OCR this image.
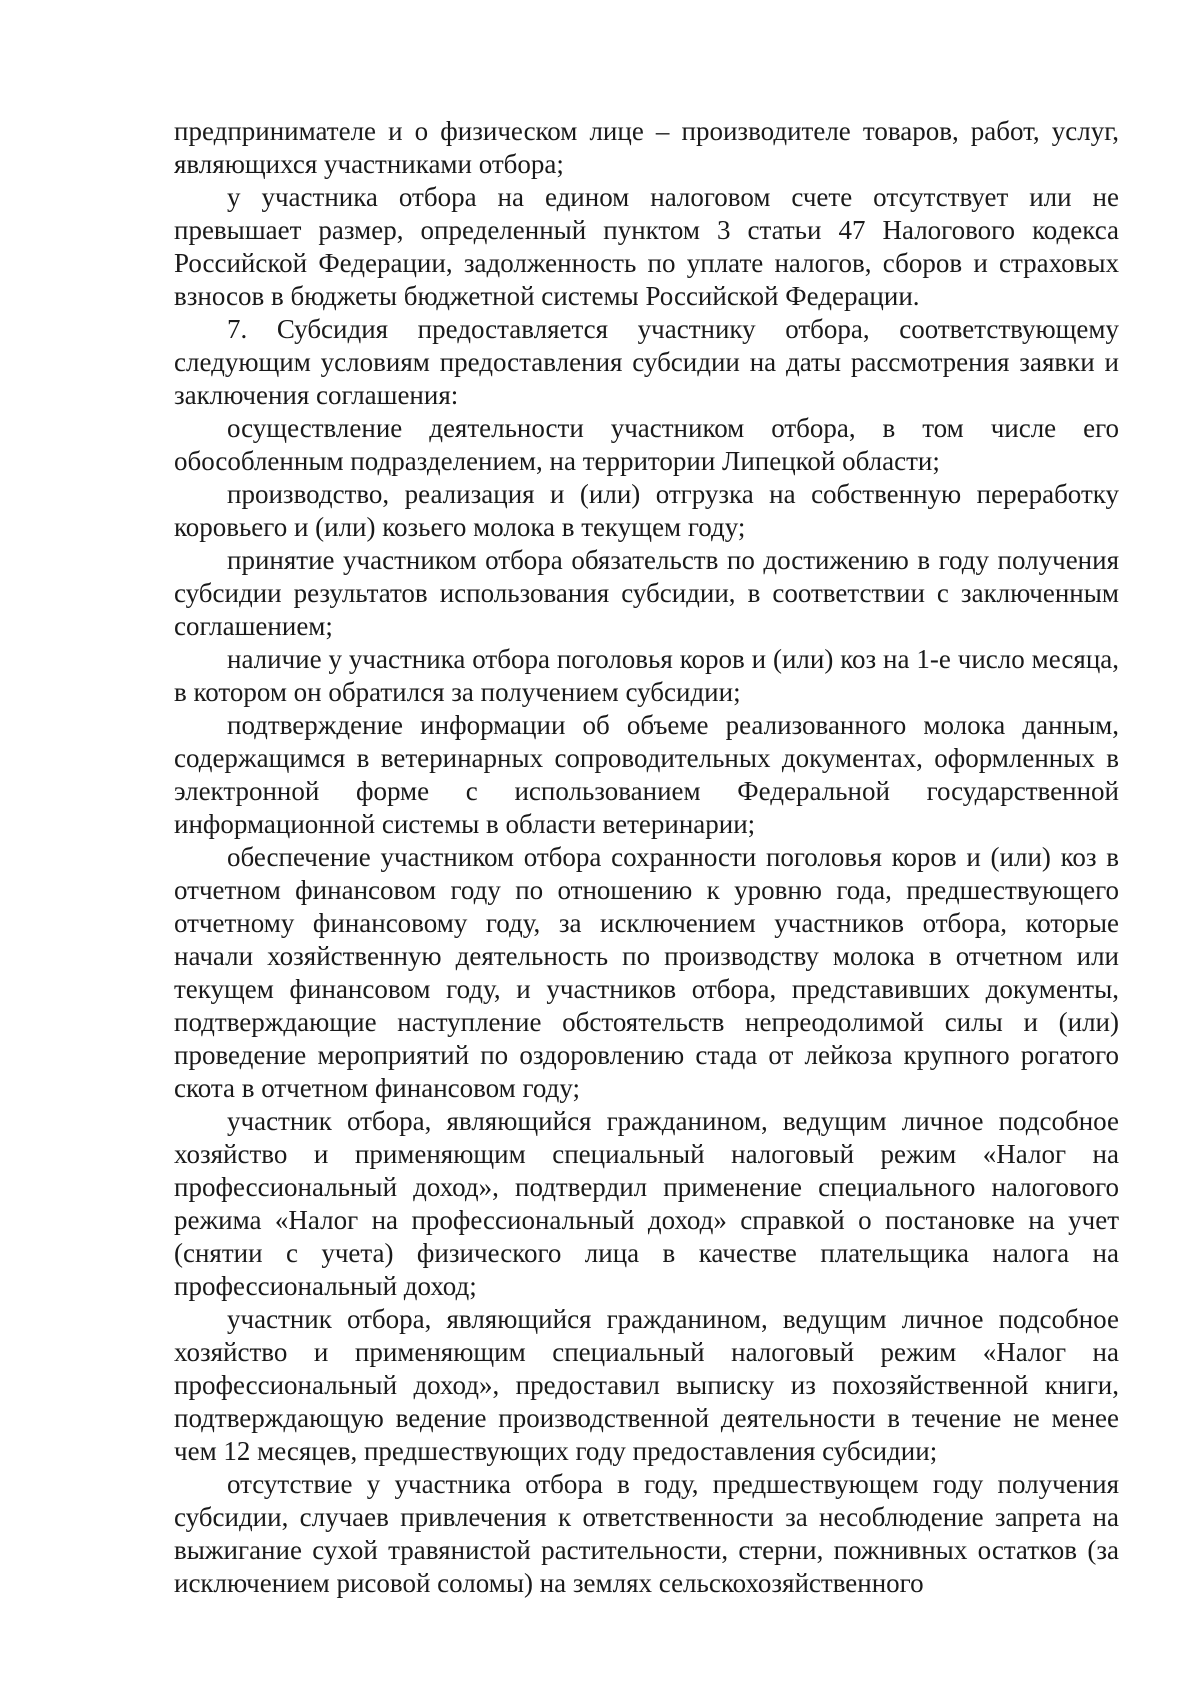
предпринимателе и о физическом лице – производителе товаров, работ, услуг, являющихся участниками отбора;

у участника отбора на едином налоговом счете отсутствует или не превышает размер, определенный пунктом 3 статьи 47 Налогового кодекса Российской Федерации, задолженность по уплате налогов, сборов и страховых взносов в бюджеты бюджетной системы Российской Федерации.

7. Субсидия предоставляется участнику отбора, соответствующему следующим условиям предоставления субсидии на даты рассмотрения заявки и заключения соглашения:

осуществление деятельности участником отбора, в том числе его обособленным подразделением, на территории Липецкой области;

производство, реализация и (или) отгрузка на собственную переработку коровьего и (или) козьего молока в текущем году;

принятие участником отбора обязательств по достижению в году получения субсидии результатов использования субсидии, в соответствии с заключенным соглашением;

наличие у участника отбора поголовья коров и (или) коз на 1-е число месяца, в котором он обратился за получением субсидии;

подтверждение информации об объеме реализованного молока данным, содержащимся в ветеринарных сопроводительных документах, оформленных в электронной форме с использованием Федеральной государственной информационной системы в области ветеринарии;

обеспечение участником отбора сохранности поголовья коров и (или) коз в отчетном финансовом году по отношению к уровню года, предшествующего отчетному финансовому году, за исключением участников отбора, которые начали хозяйственную деятельность по производству молока в отчетном или текущем финансовом году, и участников отбора, представивших документы, подтверждающие наступление обстоятельств непреодолимой силы и (или) проведение мероприятий по оздоровлению стада от лейкоза крупного рогатого скота в отчетном финансовом году;

участник отбора, являющийся гражданином, ведущим личное подсобное хозяйство и применяющим специальный налоговый режим «Налог на профессиональный доход», подтвердил применение специального налогового режима «Налог на профессиональный доход» справкой о постановке на учет (снятии с учета) физического лица в качестве плательщика налога на профессиональный доход;

участник отбора, являющийся гражданином, ведущим личное подсобное хозяйство и применяющим специальный налоговый режим «Налог на профессиональный доход», предоставил выписку из похозяйственной книги, подтверждающую ведение производственной деятельности в течение не менее чем 12 месяцев, предшествующих году предоставления субсидии;

отсутствие у участника отбора в году, предшествующем году получения субсидии, случаев привлечения к ответственности за несоблюдение запрета на выжигание сухой травянистой растительности, стерни, пожнивных остатков (за исключением рисовой соломы) на землях сельскохозяйственного
